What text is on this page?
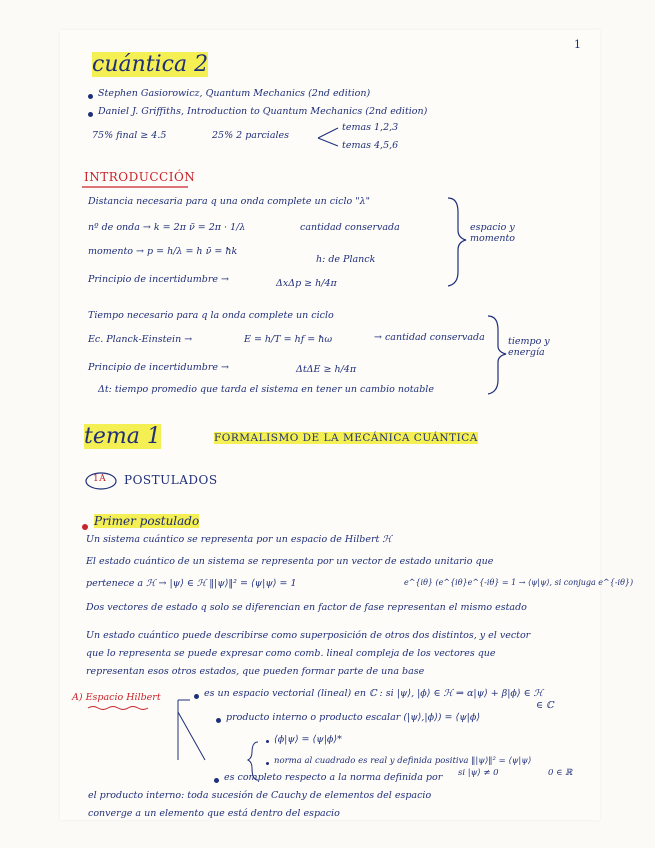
1
cuántica 2
Stephen Gasiorowicz, Quantum Mechanics (2nd edition)
Daniel J. Griffiths, Introduction to Quantum Mechanics (2nd edition)
75% final ≥ 4.5	25% 2 parciales
temas 1,2,3
temas 4,5,6
INTRODUCCIÓN
Distancia necesaria para q una onda complete un ciclo "λ"
nº de onda → k = 2π ν̃ = 2π · 1/λ	cantidad conservada
momento → p = h/λ = h ν̃ = ħk
h: de Planck
Principio de incertidumbre →	ΔxΔp ≥ h/4π
espacio y momento
Tiempo necesario para q la onda complete un ciclo
Ec. Planck-Einstein →	E = h/T = hf = ħω	→ cantidad conservada
Principio de incertidumbre →	ΔtΔE ≥ h/4π
Δt: tiempo promedio que tarda el sistema en tener un cambio notable
tiempo y energía
tema 1	FORMALISMO DE LA MECÁNICA CUÁNTICA
1A POSTULADOS
Primer postulado
Un sistema cuántico se representa por un espacio de Hilbert ℋ
El estado cuántico de un sistema se representa por un vector de estado unitario que
pertenece a ℋ → |ψ⟩ ∈ ℋ ‖|ψ⟩‖² = ⟨ψ|ψ⟩ = 1	e^{iθ} (e^{iθ}e^{-iθ} = 1 → ⟨ψ|ψ⟩, si conjuga e^{-iθ})
Dos vectores de estado q solo se diferencian en factor de fase representan el mismo estado
Un estado cuántico puede describirse como superposición de otros dos distintos, y el vector
que lo representa se puede expresar como comb. lineal compleja de los vectores que
representan esos otros estados, que pueden formar parte de una base
A) Espacio Hilbert	es un espacio vectorial (lineal) en ℂ : si |ψ⟩, |ϕ⟩ ∈ ℋ ⇒ α|ψ⟩ + β|ϕ⟩ ∈ ℋ
∈ ℂ
producto interno o producto escalar (|ψ⟩,|ϕ⟩) = ⟨ψ|ϕ⟩
⟨ϕ|ψ⟩ = ⟨ψ|ϕ⟩*
norma al cuadrado es real y definida positiva ‖|ψ⟩‖² = ⟨ψ|ψ⟩
si |ψ⟩ ≠ 0	0 ∈ ℝ
es completo respecto a la norma definida por
el producto interno: toda sucesión de Cauchy de elementos del espacio
converge a un elemento que está dentro del espacio
